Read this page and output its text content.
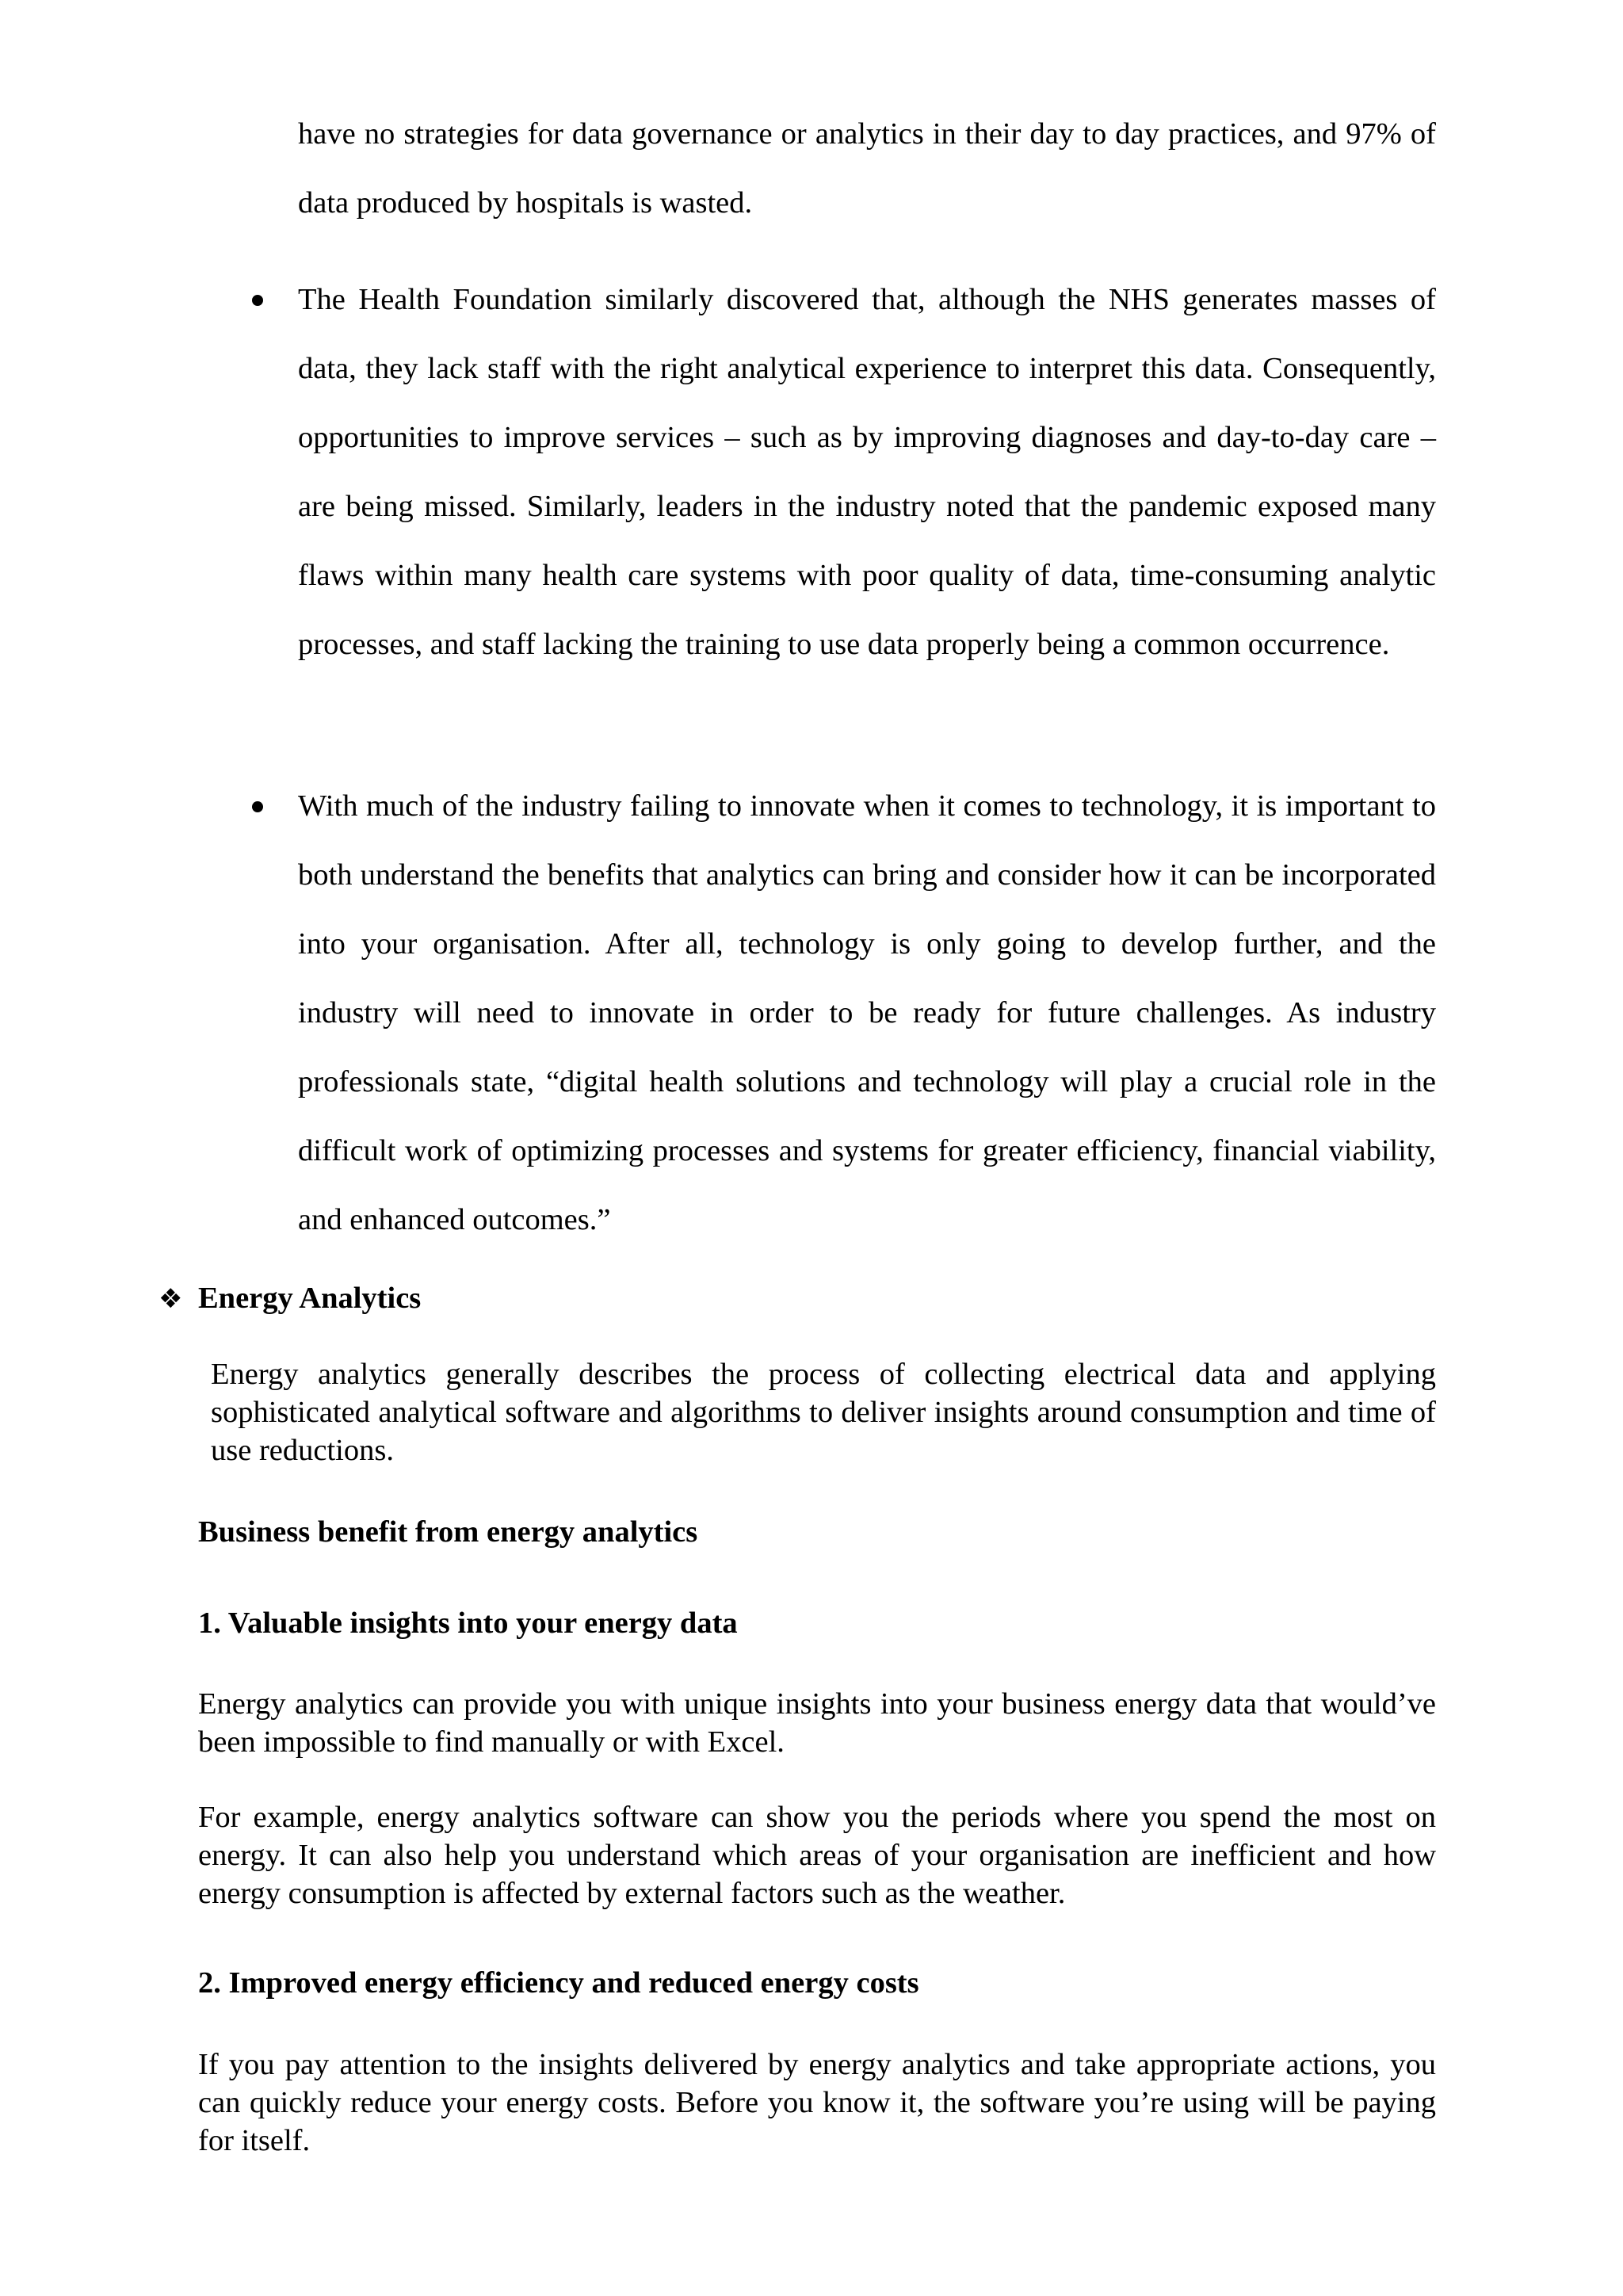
have no strategies for data governance or analytics in their day to day practices, and 97% of data produced by hospitals is wasted.

The Health Foundation similarly discovered that, although the NHS generates masses of data, they lack staff with the right analytical experience to interpret this data. Consequently, opportunities to improve services – such as by improving diagnoses and day-to-day care – are being missed. Similarly, leaders in the industry noted that the pandemic exposed many flaws within many health care systems with poor quality of data, time-consuming analytic processes, and staff lacking the training to use data properly being a common occurrence.

With much of the industry failing to innovate when it comes to technology, it is important to both understand the benefits that analytics can bring and consider how it can be incorporated into your organisation. After all, technology is only going to develop further, and the industry will need to innovate in order to be ready for future challenges. As industry professionals state, “digital health solutions and technology will play a crucial role in the difficult work of optimizing processes and systems for greater efficiency, financial viability, and enhanced outcomes.”

❖ Energy Analytics

Energy analytics generally describes the process of collecting electrical data and applying sophisticated analytical software and algorithms to deliver insights around consumption and time of use reductions.

Business benefit from energy analytics
1. Valuable insights into your energy data

Energy analytics can provide you with unique insights into your business energy data that would’ve been impossible to find manually or with Excel.

For example, energy analytics software can show you the periods where you spend the most on energy. It can also help you understand which areas of your organisation are inefficient and how energy consumption is affected by external factors such as the weather.

2. Improved energy efficiency and reduced energy costs

If you pay attention to the insights delivered by energy analytics and take appropriate actions, you can quickly reduce your energy costs. Before you know it, the software you’re using will be paying for itself.
